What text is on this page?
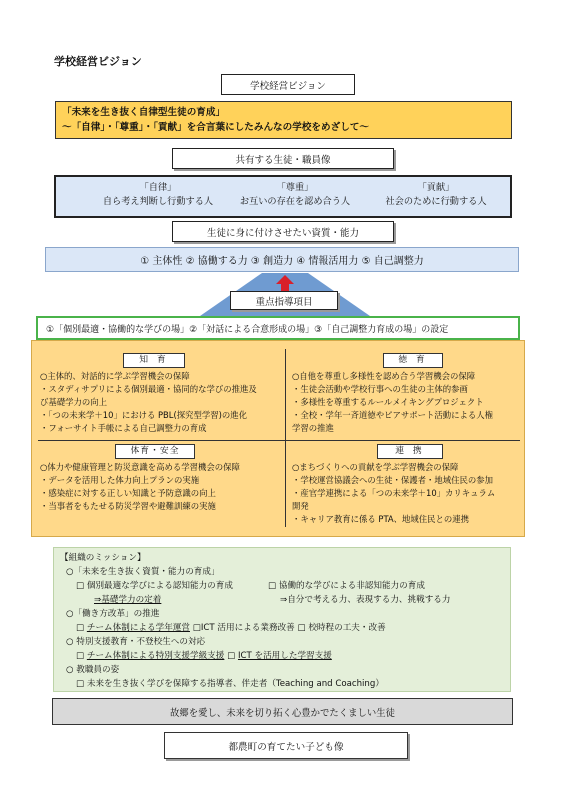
学校経営ビジョン
学校経営ビジョン
「未来を生き抜く自律型生徒の育成」
～「自律」・「尊重」・「貢献」を合言葉にしたみんなの学校をめざして～
共有する生徒・職員像
「自律」
自ら考え判断し行動する人
「尊重」
お互いの存在を認め合う人
「貢献」
社会のために行動する人
生徒に身に付けさせたい資質・能力
① 主体性 ② 協働する力 ③ 創造力 ④ 情報活用力 ⑤ 自己調整力
重点指導項目
①「個別最適・協働的な学びの場」②「対話による合意形成の場」③「自己調整力育成の場」の設定
知 育
○主体的、対話的に学ぶ学習機会の保障
・スタディサプリによる個別最適・協同的な学びの推進及
び基礎学力の向上
・「つの未来学＋10」における PBL(探究型学習)の進化
・フォーサイト手帳による自己調整力の育成
徳 育
○自他を尊重し多様性を認め合う学習機会の保障
・生徒会活動や学校行事への生徒の主体的参画
・多様性を尊重するルールメイキングプロジェクト
・全校・学年一斉道徳やピアサポート活動による人権
学習の推進
体育・安全
○体力や健康管理と防災意識を高める学習機会の保障
・データを活用した体力向上プランの実施
・感染症に対する正しい知識と予防意識の向上
・当事者をもたせる防災学習や避難訓練の実施
連 携
○まちづくりへの貢献を学ぶ学習機会の保障
・学校運営協議会への生徒・保護者・地域住民の参加
・産官学連携による「つの未来学＋10」カリキュラム
開発
・キャリア教育に係る PTA、地域住民との連携
【組織のミッション】
○「未来を生き抜く資質・能力の育成」
□ 個別最適な学びによる認知能力の育成	□ 協働的な学びによる非認知能力の育成
⇒基礎学力の定着	⇒自分で考える力、表現する力、挑戦する力
○「働き方改革」の推進
□ チーム体制による学年運営 □ICT 活用による業務改善 □ 校時程の工夫・改善
○ 特別支援教育・不登校生への対応
□ チーム体制による特別支援学級支援 □ ICT を活用した学習支援
○ 教職員の姿
□ 未来を生き抜く学びを保障する指導者、伴走者（Teaching and Coaching）
故郷を愛し、未来を切り拓く心豊かでたくましい生徒
都農町の育てたい子ども像
